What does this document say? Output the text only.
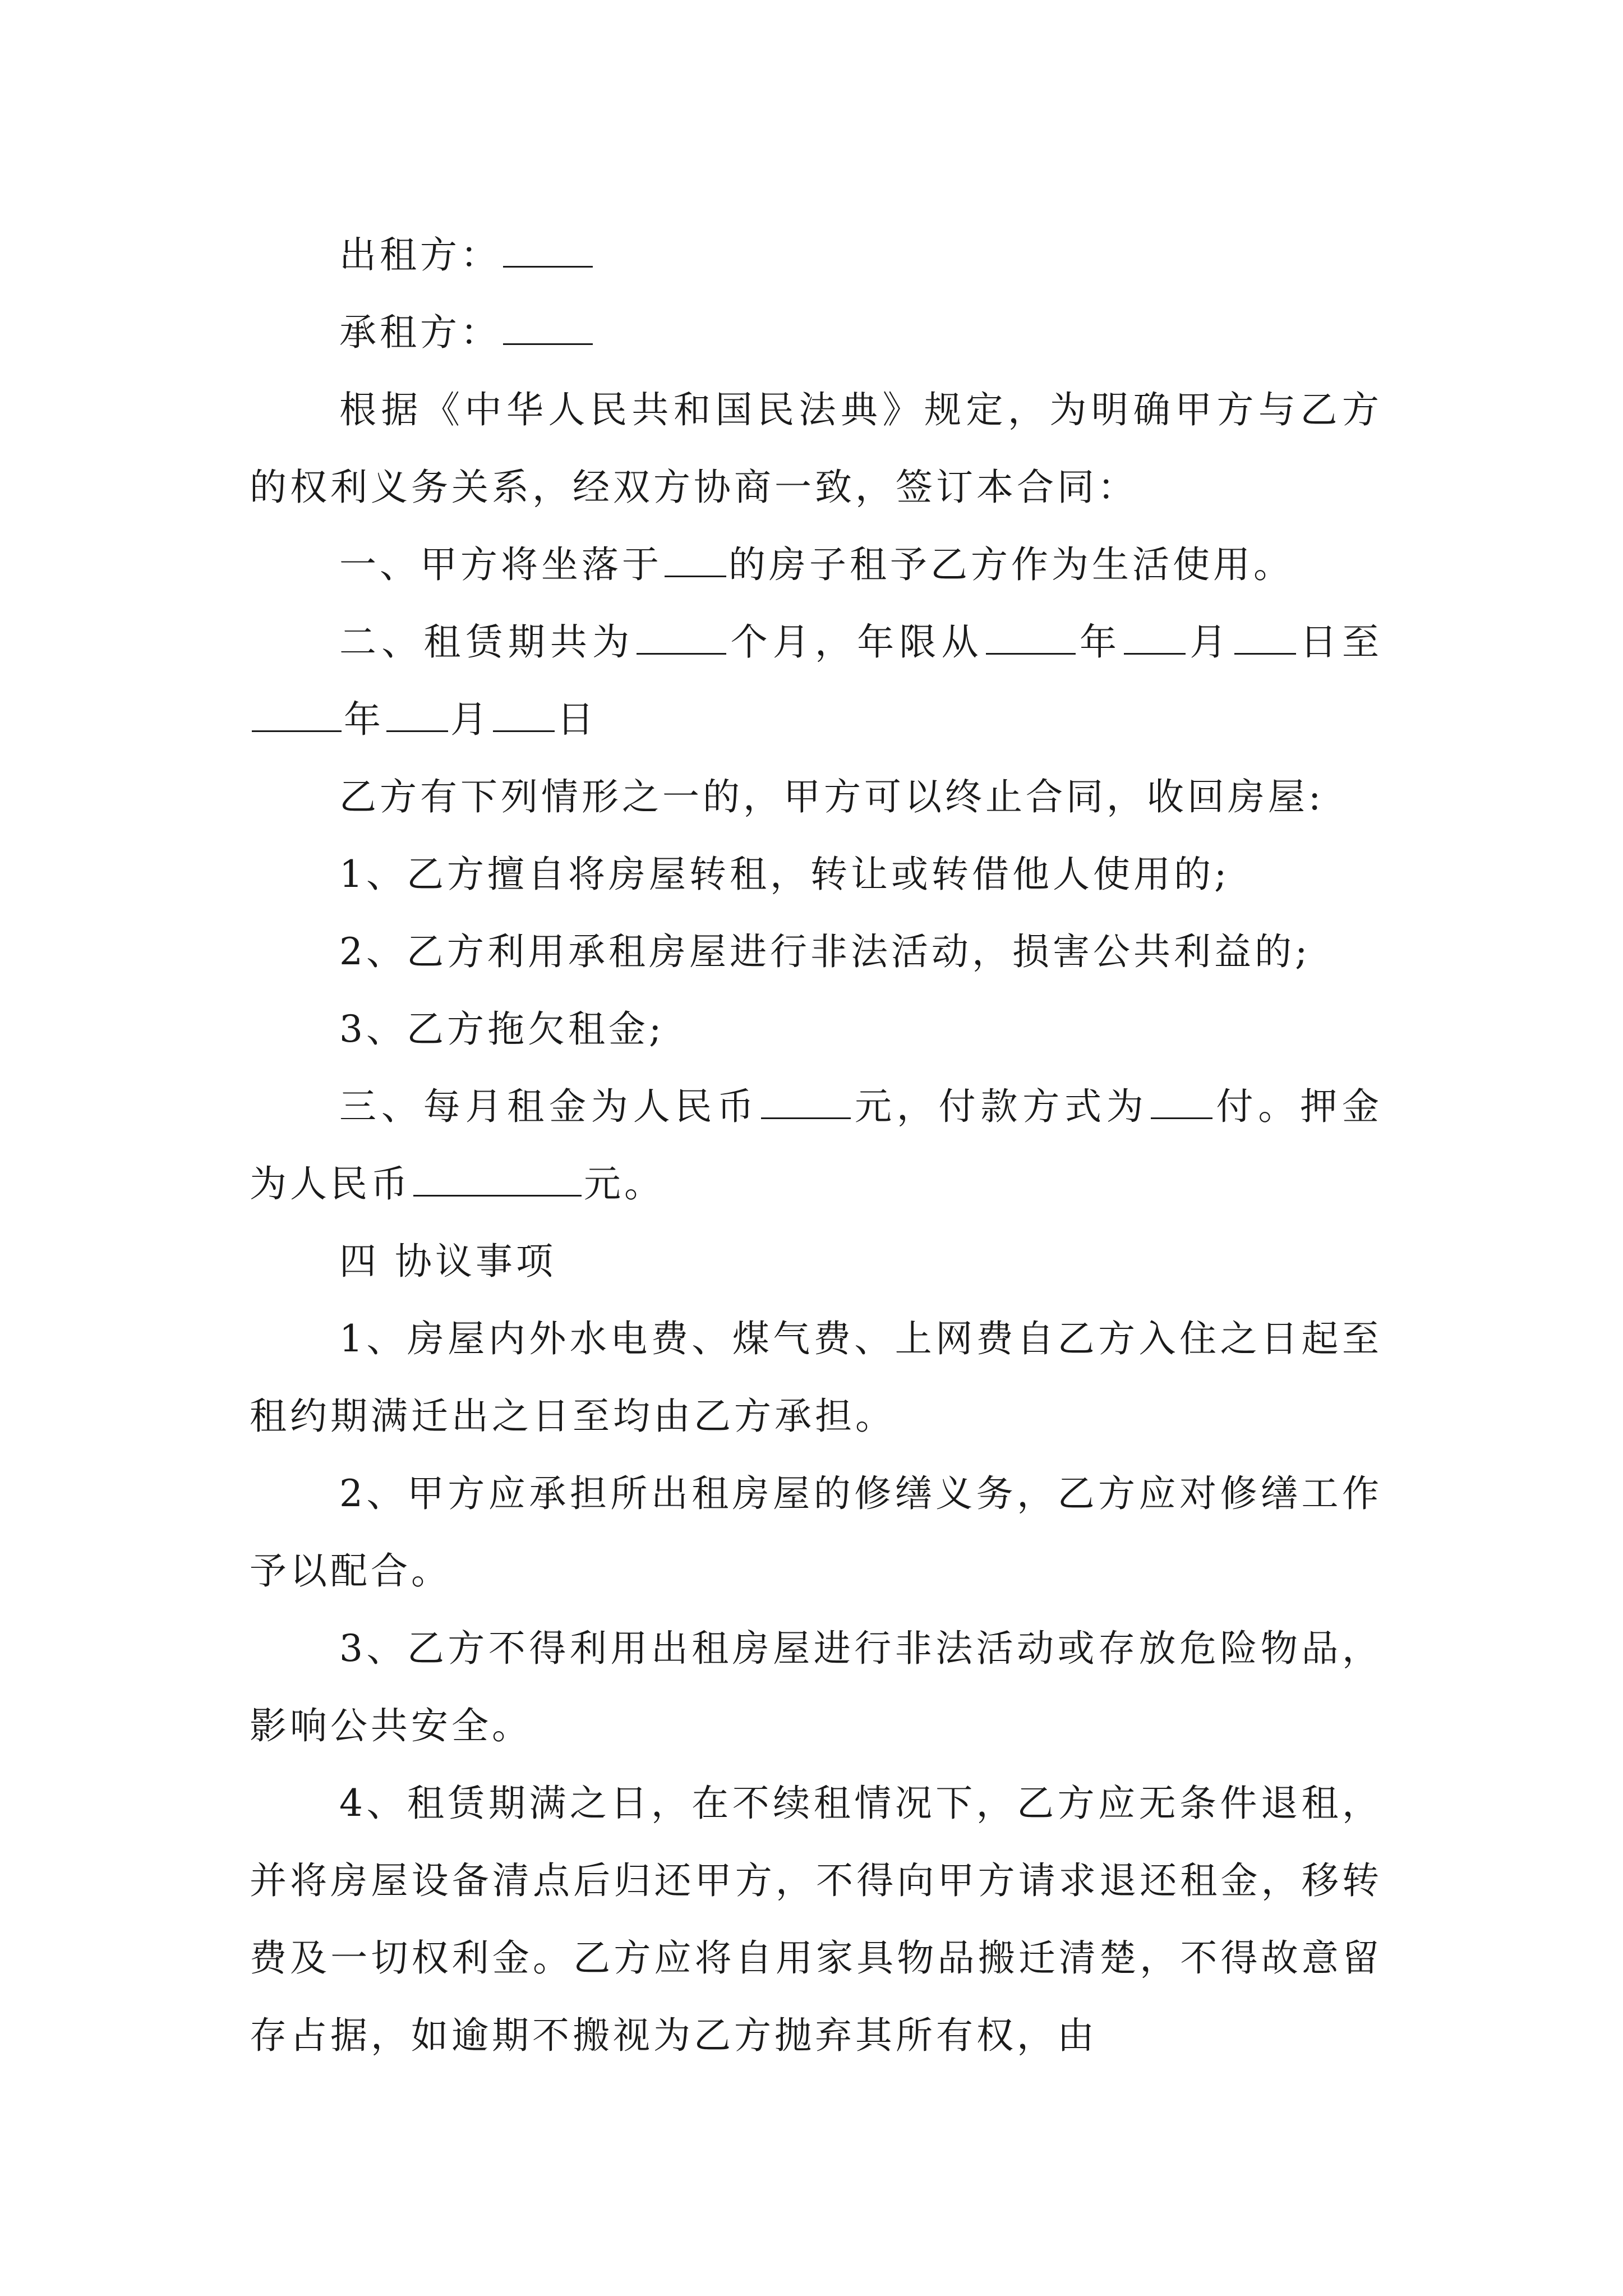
出租方：

承租方：

根据《中华人民共和国民法典》规定，为明确甲方与乙方的权利义务关系，经双方协商一致，签订本合同：

一、甲方将坐落于 的房子租予乙方作为生活使用。

二、租赁期共为	个月，年限从	年 月 日至年 月 日

乙方有下列情形之一的，甲方可以终止合同，收回房屋:

1、乙方擅自将房屋转租，转让或转借他人使用的;

2、乙方利用承租房屋进行非法活动，损害公共利益的;

3、乙方拖欠租金;

三、每月租金为人民币	元，付款方式为 付。押金为人民币	元。

四 协议事项

1、房屋内外水电费、煤气费、上网费自乙方入住之日起至租约期满迁出之日至均由乙方承担。

2、甲方应承担所出租房屋的修缮义务，乙方应对修缮工作予以配合。

3、乙方不得利用出租房屋进行非法活动或存放危险物品，影响公共安全。

4、租赁期满之日，在不续租情况下，乙方应无条件退租，并将房屋设备清点后归还甲方，不得向甲方请求退还租金，移转费及一切权利金。乙方应将自用家具物品搬迁清楚，不得故意留存占据，如逾期不搬视为乙方抛弃其所有权，由
